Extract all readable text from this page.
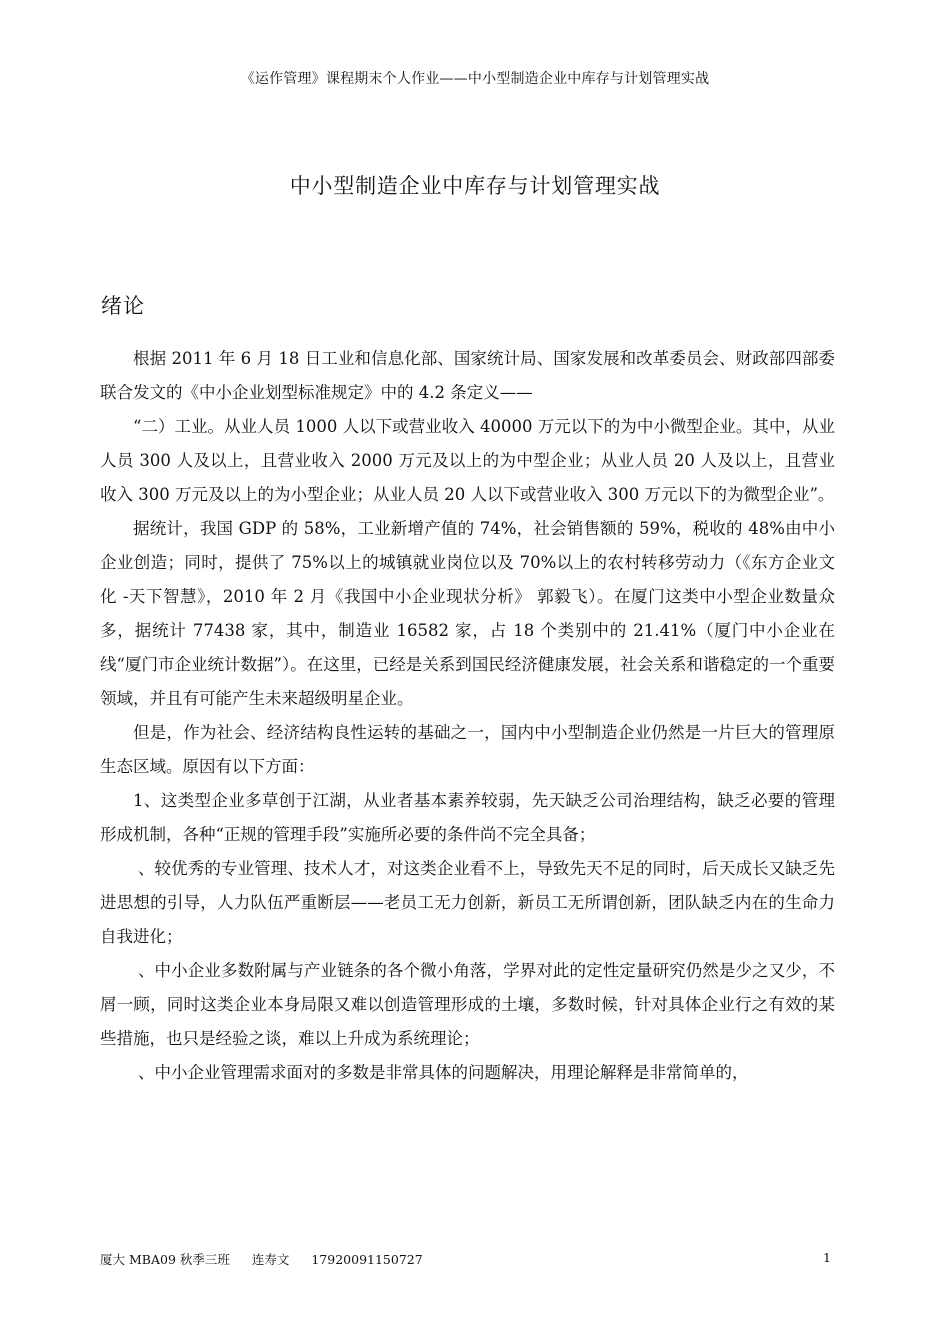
《运作管理》课程期末个人作业——中小型制造企业中库存与计划管理实战
中小型制造企业中库存与计划管理实战
绪论

根据 2011 年 6 月 18 日工业和信息化部、国家统计局、国家发展和改革委员会、财政部四部委联合发文的《中小企业划型标准规定》中的 4.2 条定义——

“二）工业。从业人员 1000 人以下或营业收入 40000 万元以下的为中小微型企业。其中，从业人员 300 人及以上，且营业收入 2000 万元及以上的为中型企业；从业人员 20 人及以上，且营业收入 300 万元及以上的为小型企业；从业人员 20 人以下或营业收入 300 万元以下的为微型企业”。

据统计，我国 GDP 的 58%，工业新增产值的 74%，社会销售额的 59%，税收的 48%由中小企业创造；同时，提供了 75%以上的城镇就业岗位以及 70%以上的农村转移劳动力（《东方企业文化 -天下智慧》，2010 年 2 月《我国中小企业现状分析》 郭毅飞）。在厦门这类中小型企业数量众多，据统计 77438 家，其中，制造业 16582 家，占 18 个类别中的 21.41%（厦门中小企业在线“厦门市企业统计数据”）。在这里，已经是关系到国民经济健康发展，社会关系和谐稳定的一个重要领域，并且有可能产生未来超级明星企业。

但是，作为社会、经济结构良性运转的基础之一，国内中小型制造企业仍然是一片巨大的管理原生态区域。原因有以下方面：

1、这类型企业多草创于江湖，从业者基本素养较弱，先天缺乏公司治理结构，缺乏必要的管理形成机制，各种“正规的管理手段”实施所必要的条件尚不完全具备；

、较优秀的专业管理、技术人才，对这类企业看不上，导致先天不足的同时，后天成长又缺乏先进思想的引导，人力队伍严重断层——老员工无力创新，新员工无所谓创新，团队缺乏内在的生命力自我进化；

、中小企业多数附属与产业链条的各个微小角落，学界对此的定性定量研究仍然是少之又少，不屑一顾，同时这类企业本身局限又难以创造管理形成的土壤，多数时候，针对具体企业行之有效的某些措施，也只是经验之谈，难以上升成为系统理论；

、中小企业管理需求面对的多数是非常具体的问题解决，用理论解释是非常简单的，

厦大 MBA09 秋季三班 连寿文 17920091150727	1
